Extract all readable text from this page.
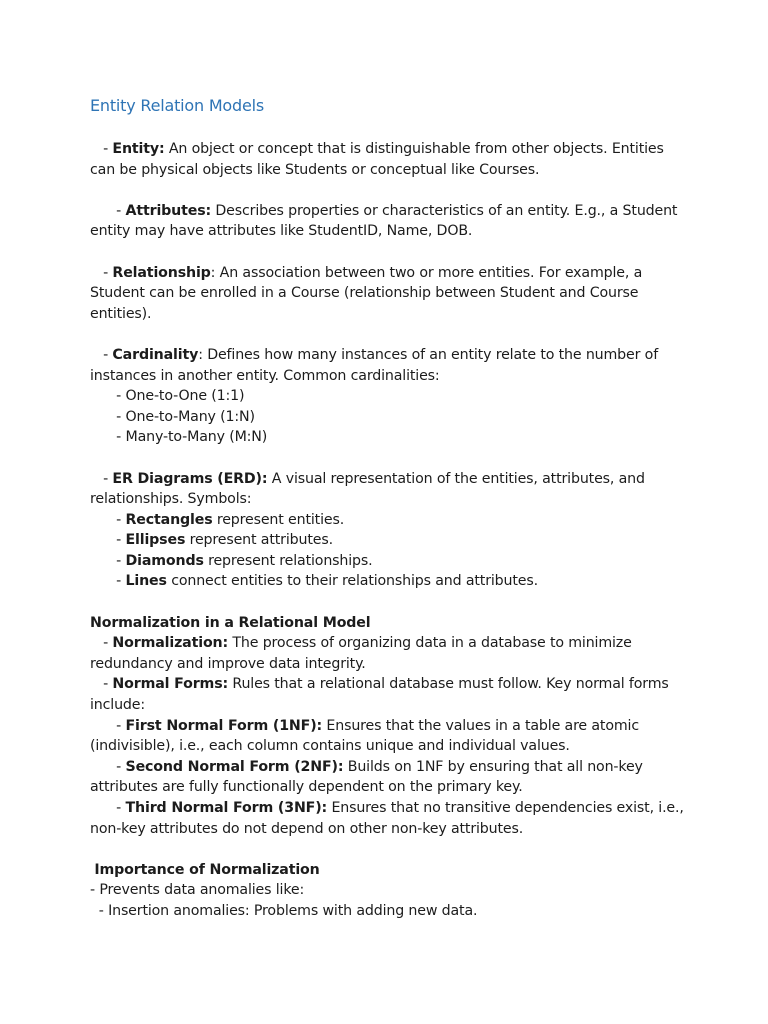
Entity Relation Models
- Entity: An object or concept that is distinguishable from other objects. Entities
can be physical objects like Students or conceptual like Courses.
- Attributes: Describes properties or characteristics of an entity. E.g., a Student
entity may have attributes like StudentID, Name, DOB.
- Relationship: An association between two or more entities. For example, a
Student can be enrolled in a Course (relationship between Student and Course
entities).
- Cardinality: Defines how many instances of an entity relate to the number of
instances in another entity. Common cardinalities:
- One-to-One (1:1)
- One-to-Many (1:N)
- Many-to-Many (M:N)
- ER Diagrams (ERD): A visual representation of the entities, attributes, and
relationships. Symbols:
- Rectangles represent entities.
- Ellipses represent attributes.
- Diamonds represent relationships.
- Lines connect entities to their relationships and attributes.
Normalization in a Relational Model
- Normalization: The process of organizing data in a database to minimize
redundancy and improve data integrity.
- Normal Forms: Rules that a relational database must follow. Key normal forms
include:
- First Normal Form (1NF): Ensures that the values in a table are atomic
(indivisible), i.e., each column contains unique and individual values.
- Second Normal Form (2NF): Builds on 1NF by ensuring that all non-key
attributes are fully functionally dependent on the primary key.
- Third Normal Form (3NF): Ensures that no transitive dependencies exist, i.e.,
non-key attributes do not depend on other non-key attributes.
Importance of Normalization
- Prevents data anomalies like:
- Insertion anomalies: Problems with adding new data.
